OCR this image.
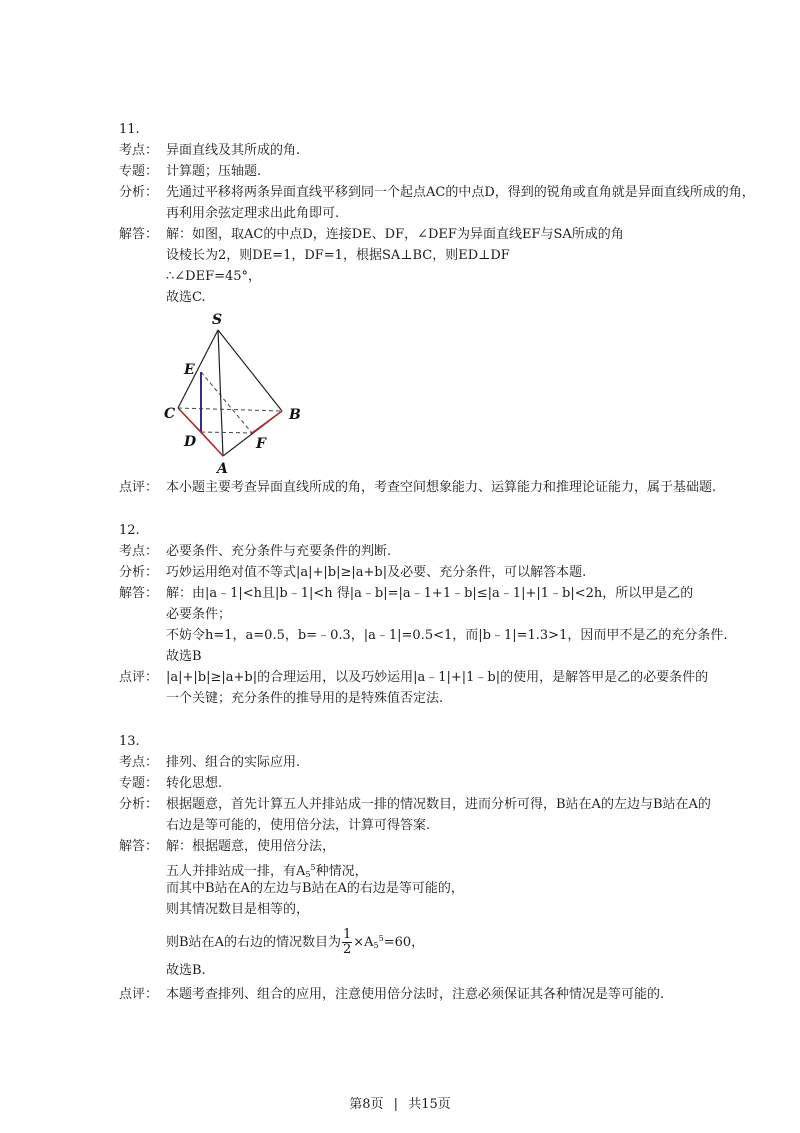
11.
考点： 异面直线及其所成的角.
专题： 计算题；压轴题.
分析： 先通过平移将两条异面直线平移到同一个起点AC的中点D，得到的锐角或直角就是异面直线所成的角，
再利用余弦定理求出此角即可.
解答： 解：如图，取AC的中点D，连接DE、DF，∠DEF为异面直线EF与SA所成的角
设棱长为2，则DE=1，DF=1，根据SA⊥BC，则ED⊥DF
∴∠DEF=45°，
故选C.
S
E
C	B
D	F
A
点评： 本小题主要考查异面直线所成的角，考查空间想象能力、运算能力和推理论证能力，属于基础题.
12.
考点： 必要条件、充分条件与充要条件的判断.
分析： 巧妙运用绝对值不等式|a|+|b|≥|a+b|及必要、充分条件，可以解答本题.
解答： 解：由|a﹣1|<h且|b﹣1|<h 得|a﹣b|=|a﹣1+1﹣b|≤|a﹣1|+|1﹣b|<2h，所以甲是乙的
必要条件；
不妨令h=1，a=0.5，b=﹣0.3，|a﹣1|=0.5<1，而|b﹣1|=1.3>1，因而甲不是乙的充分条件.
故选B
点评： |a|+|b|≥|a+b|的合理运用，以及巧妙运用|a﹣1|+|1﹣b|的使用，是解答甲是乙的必要条件的
一个关键；充分条件的推导用的是特殊值否定法.
13.
考点： 排列、组合的实际应用.
专题： 转化思想.
分析： 根据题意，首先计算五人并排站成一排的情况数目，进而分析可得，B站在A的左边与B站在A的
右边是等可能的，使用倍分法，计算可得答案.
解答： 解：根据题意，使用倍分法，
五人并排站成一排，有$A_5^5$种情况，
而其中B站在A的左边与B站在A的右边是等可能的，
则其情况数目是相等的，
则B站在A的右边的情况数目为 $\frac{1}{2} \times A_5^5=60$，
故选B.
点评： 本题考查排列、组合的应用，注意使用倍分法时，注意必须保证其各种情况是等可能的.
第8页 | 共15页
